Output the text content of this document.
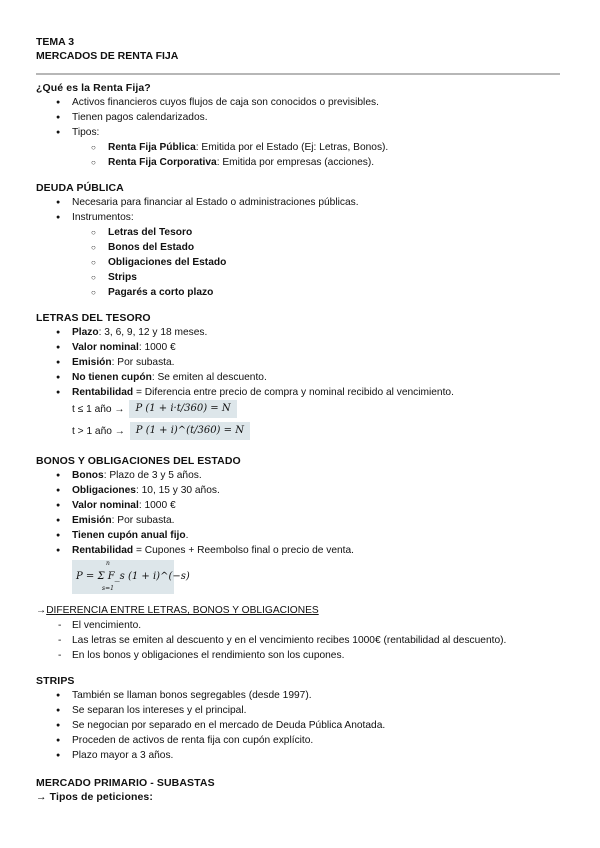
TEMA 3
MERCADOS DE RENTA FIJA
¿Qué es la Renta Fija?
● Activos financieros cuyos flujos de caja son conocidos o previsibles.
● Tienen pagos calendarizados.
● Tipos:
○ Renta Fija Pública: Emitida por el Estado (Ej: Letras, Bonos).
○ Renta Fija Corporativa: Emitida por empresas (acciones).
DEUDA PÚBLICA
● Necesaria para financiar al Estado o administraciones públicas.
● Instrumentos:
○ Letras del Tesoro
○ Bonos del Estado
○ Obligaciones del Estado
○ Strips
○ Pagarés a corto plazo
LETRAS DEL TESORO
● Plazo: 3, 6, 9, 12 y 18 meses.
● Valor nominal: 1000 €
● Emisión: Por subasta.
● No tienen cupón: Se emiten al descuento.
● Rentabilidad = Diferencia entre precio de compra y nominal recibido al vencimiento.
t ≤ 1 año → P (1 + i·t/360) = N
t > 1 año → P (1 + i)^(t/360) = N
BONOS Y OBLIGACIONES DEL ESTADO
● Bonos: Plazo de 3 y 5 años.
● Obligaciones: 10, 15 y 30 años.
● Valor nominal: 1000 €
● Emisión: Por subasta.
● Tienen cupón anual fijo.
● Rentabilidad = Cupones + Reembolso final o precio de venta.
n
P = Σ F_s (1 + i)^(−s)
s=1
→DIFERENCIA ENTRE LETRAS, BONOS Y OBLIGACIONES
- El vencimiento.
- Las letras se emiten al descuento y en el vencimiento recibes 1000€ (rentabilidad al descuento).
- En los bonos y obligaciones el rendimiento son los cupones.
STRIPS
● También se llaman bonos segregables (desde 1997).
● Se separan los intereses y el principal.
● Se negocian por separado en el mercado de Deuda Pública Anotada.
● Proceden de activos de renta fija con cupón explícito.
● Plazo mayor a 3 años.
MERCADO PRIMARIO - SUBASTAS
→ Tipos de peticiones:
